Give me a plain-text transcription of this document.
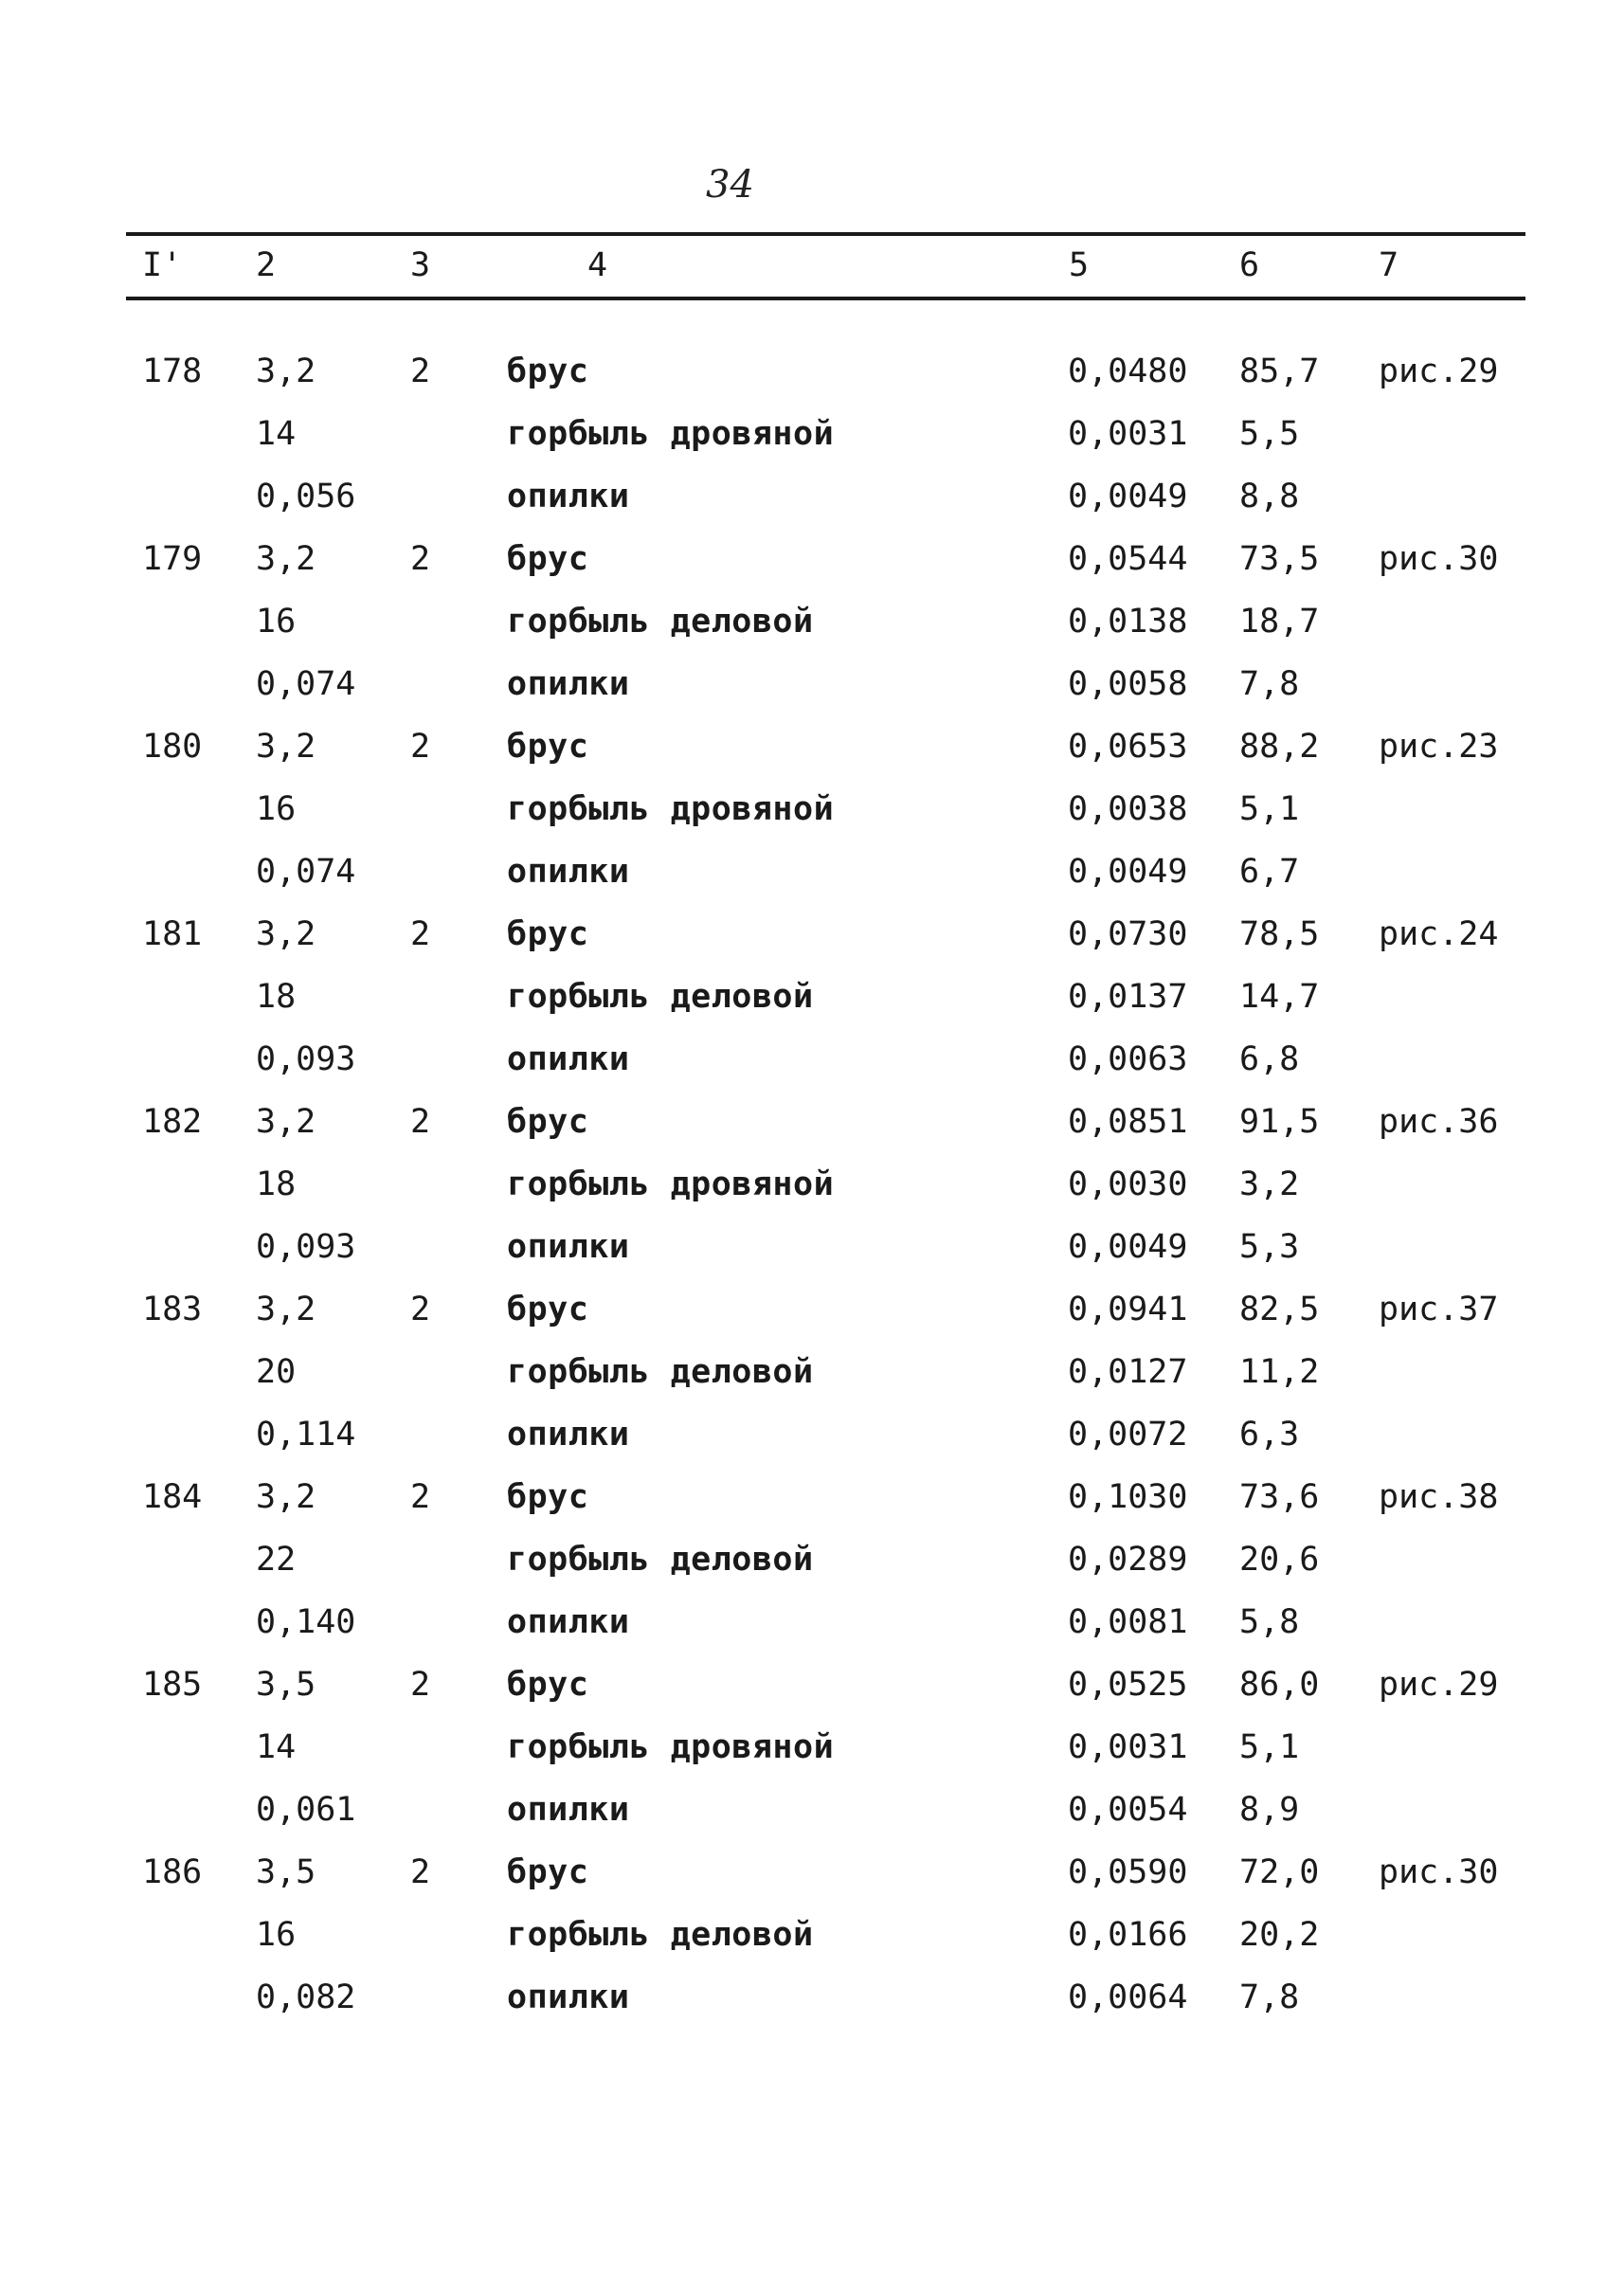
34
I' 2	3	4	5	6	7
178 3,2	2 брус	0,0480 85,7 рис.29
14	горбыль дровяной	0,0031 5,5
0,056	опилки	0,0049 8,8
179 3,2	2 брус	0,0544 73,5 рис.30
16	горбыль деловой	0,0138 18,7
0,074	опилки	0,0058 7,8
180 3,2	2 брус	0,0653 88,2 рис.23
16	горбыль дровяной	0,0038 5,1
0,074	опилки	0,0049 6,7
181 3,2	2 брус	0,0730 78,5 рис.24
18	горбыль деловой	0,0137 14,7
0,093	опилки	0,0063 6,8
182 3,2	2 брус	0,0851 91,5 рис.36
18	горбыль дровяной	0,0030 3,2
0,093	опилки	0,0049 5,3
183 3,2	2 брус	0,0941 82,5 рис.37
20	горбыль деловой	0,0127 11,2
0,114	опилки	0,0072 6,3
184 3,2	2 брус	0,1030 73,6 рис.38
22	горбыль деловой	0,0289 20,6
0,140	опилки	0,0081 5,8
185 3,5	2 брус	0,0525 86,0 рис.29
14	горбыль дровяной	0,0031 5,1
0,061	опилки	0,0054 8,9
186 3,5	2 брус	0,0590 72,0 рис.30
16	горбыль деловой	0,0166 20,2
0,082	опилки	0,0064 7,8
